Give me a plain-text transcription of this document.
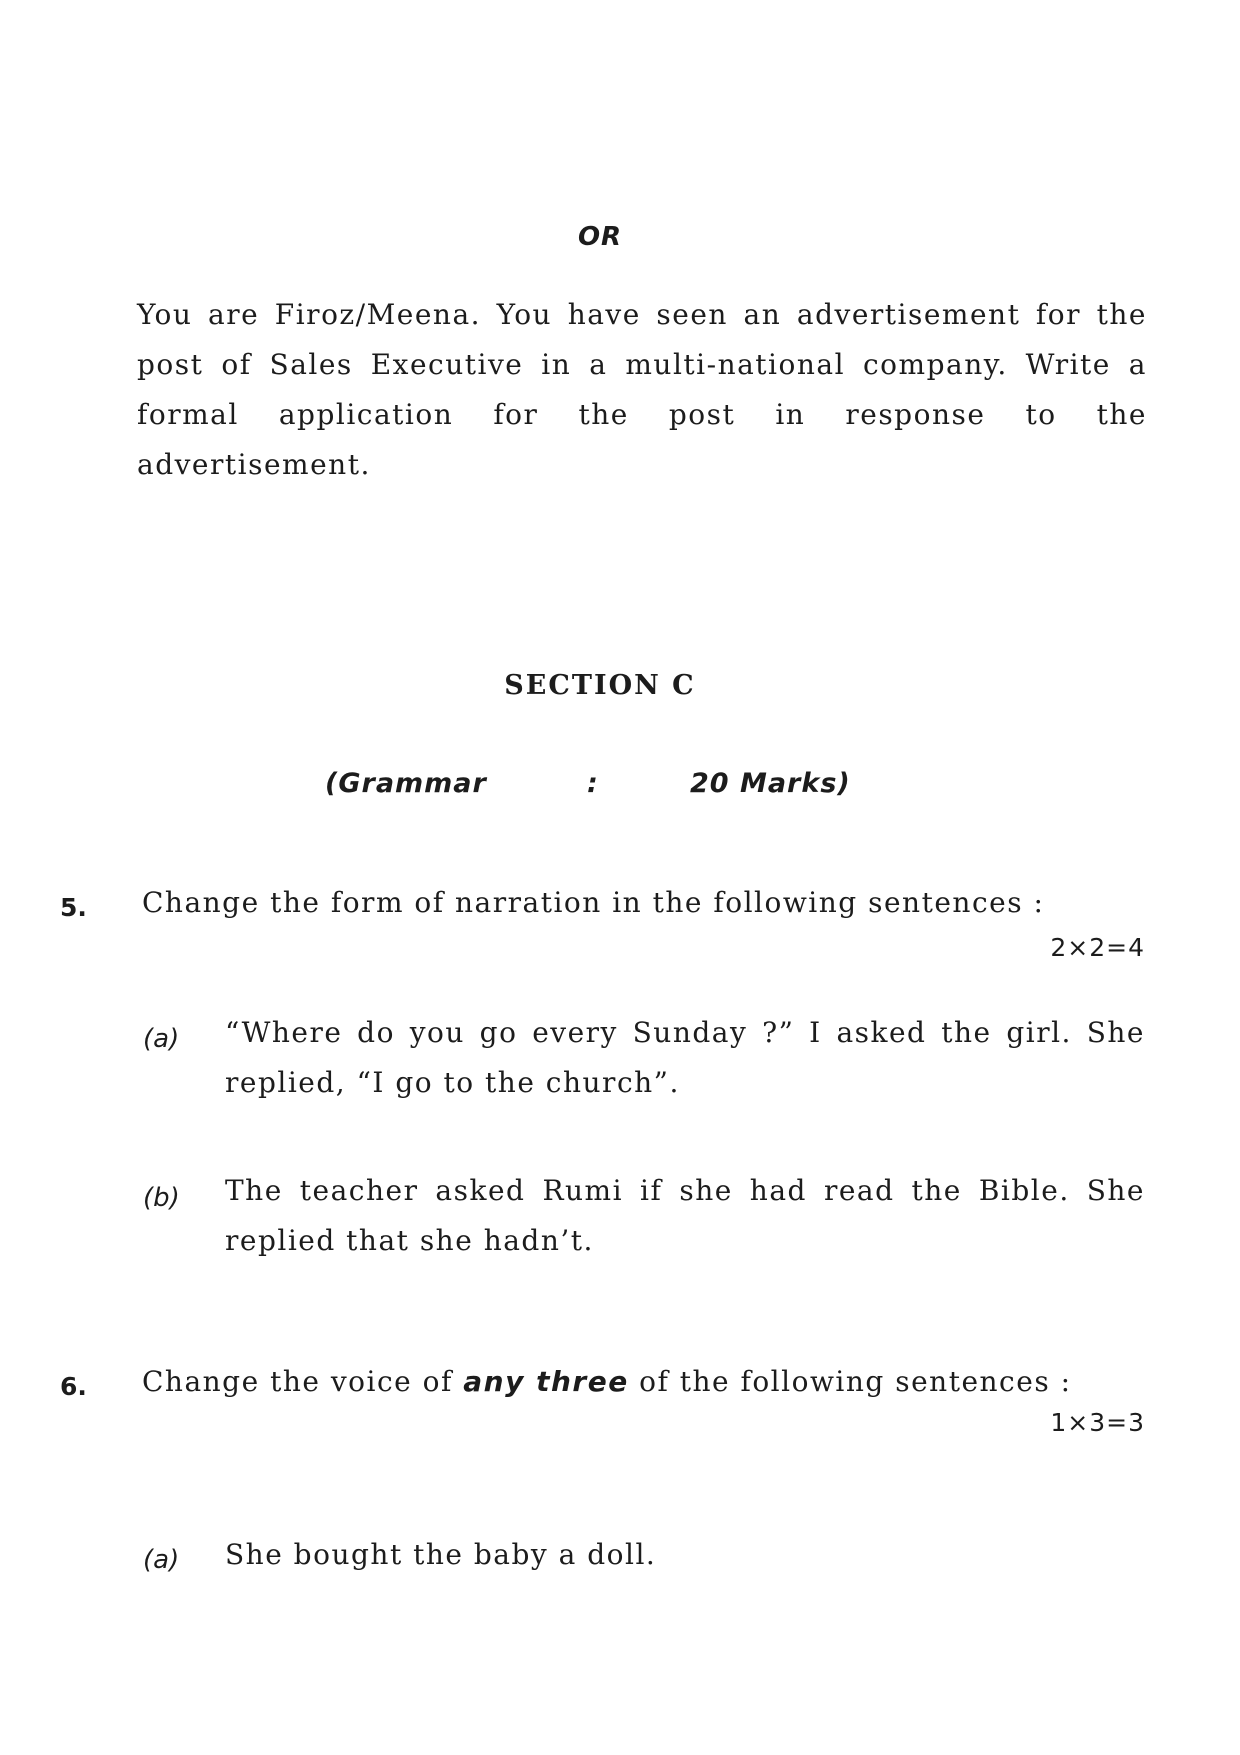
OR
You are Firoz/Meena. You have seen an advertisement for the post of Sales Executive in a multi-national company. Write a formal application for the post in response to the advertisement.
SECTION C
(Grammar	:	20 Marks)
5. Change the form of narration in the following sentences :
2×2=4
(a) “Where do you go every Sunday ?” I asked the girl. She replied, “I go to the church”.
(b) The teacher asked Rumi if she had read the Bible. She replied that she hadn’t.
6. Change the voice of any three of the following sentences :
1×3=3
(a) She bought the baby a doll.
